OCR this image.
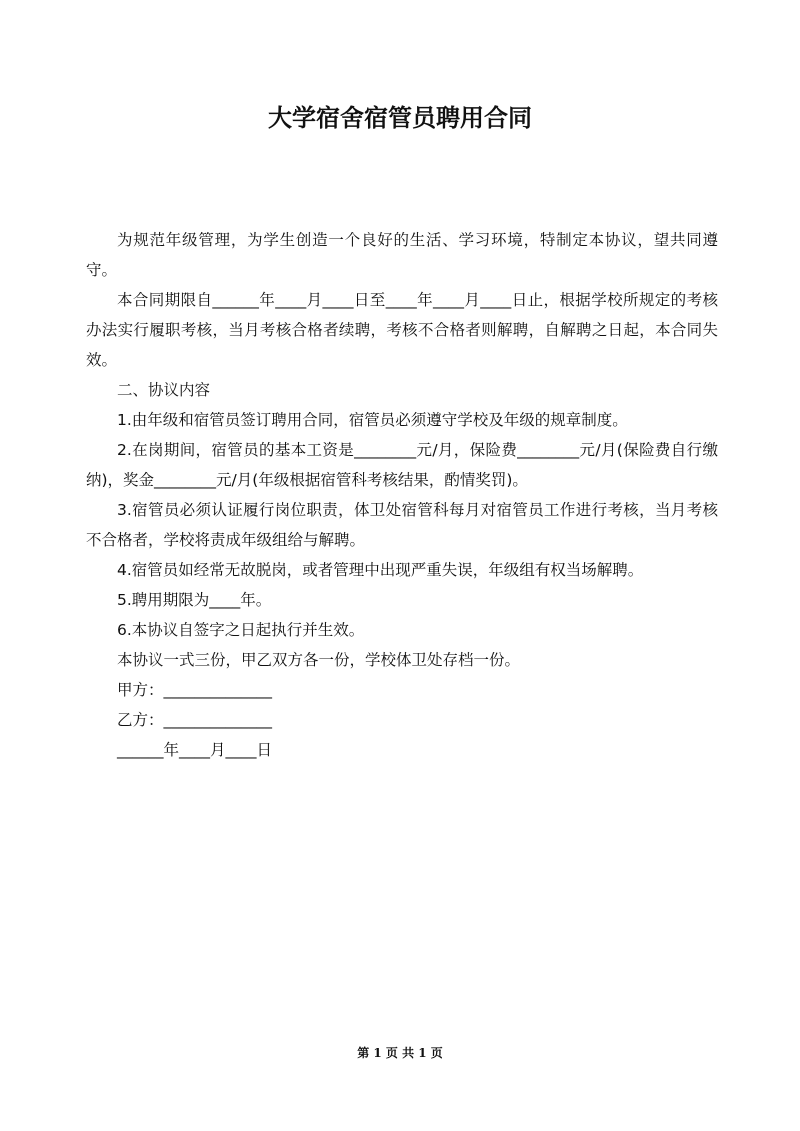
大学宿舍宿管员聘用合同

为规范年级管理，为学生创造一个良好的生活、学习环境，特制定本协议，望共同遵守。

本合同期限自______年____月____日至____年____月____日止，根据学校所规定的考核办法实行履职考核，当月考核合格者续聘，考核不合格者则解聘，自解聘之日起，本合同失效。

二、协议内容

1.由年级和宿管员签订聘用合同，宿管员必须遵守学校及年级的规章制度。

2.在岗期间，宿管员的基本工资是________元/月，保险费________元/月(保险费自行缴纳)，奖金________元/月(年级根据宿管科考核结果，酌情奖罚)。

3.宿管员必须认证履行岗位职责，体卫处宿管科每月对宿管员工作进行考核，当月考核不合格者，学校将责成年级组给与解聘。

4.宿管员如经常无故脱岗，或者管理中出现严重失误，年级组有权当场解聘。

5.聘用期限为____年。

6.本协议自签字之日起执行并生效。

本协议一式三份，甲乙双方各一份，学校体卫处存档一份。

甲方：______________

乙方：______________

______年____月____日

第 1 页 共 1 页
